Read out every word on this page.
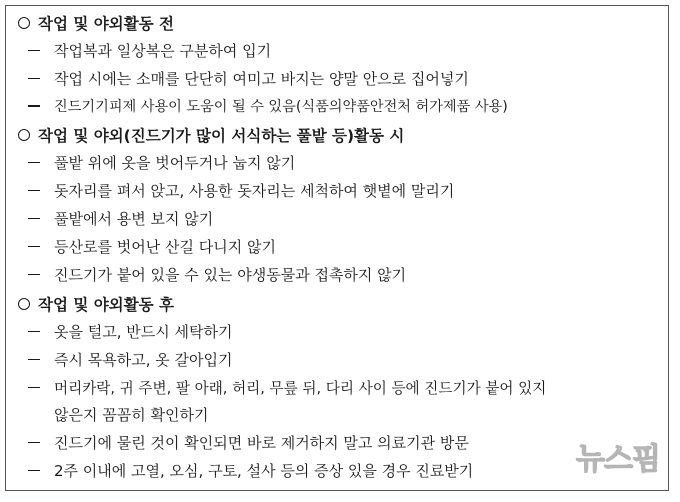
작업 및 야외활동 전
작업복과 일상복은 구분하여 입기
작업 시에는 소매를 단단히 여미고 바지는 양말 안으로 집어넣기
진드기기피제 사용이 도움이 될 수 있음(식품의약품안전처 허가제품 사용)
작업 및 야외(진드기가 많이 서식하는 풀밭 등)활동 시
풀밭 위에 옷을 벗어두거나 눕지 않기
돗자리를 펴서 앉고, 사용한 돗자리는 세척하여 햇볕에 말리기
풀밭에서 용변 보지 않기
등산로를 벗어난 산길 다니지 않기
진드기가 붙어 있을 수 있는 야생동물과 접촉하지 않기
작업 및 야외활동 후
옷을 털고, 반드시 세탁하기
즉시 목욕하고, 옷 갈아입기
머리카락, 귀 주변, 팔 아래, 허리, 무릎 뒤, 다리 사이 등에 진드기가 붙어 있지
않은지 꼼꼼히 확인하기
진드기에 물린 것이 확인되면 바로 제거하지 말고 의료기관 방문
2주 이내에 고열, 오심, 구토, 설사 등의 증상 있을 경우 진료받기	뉴스핌
